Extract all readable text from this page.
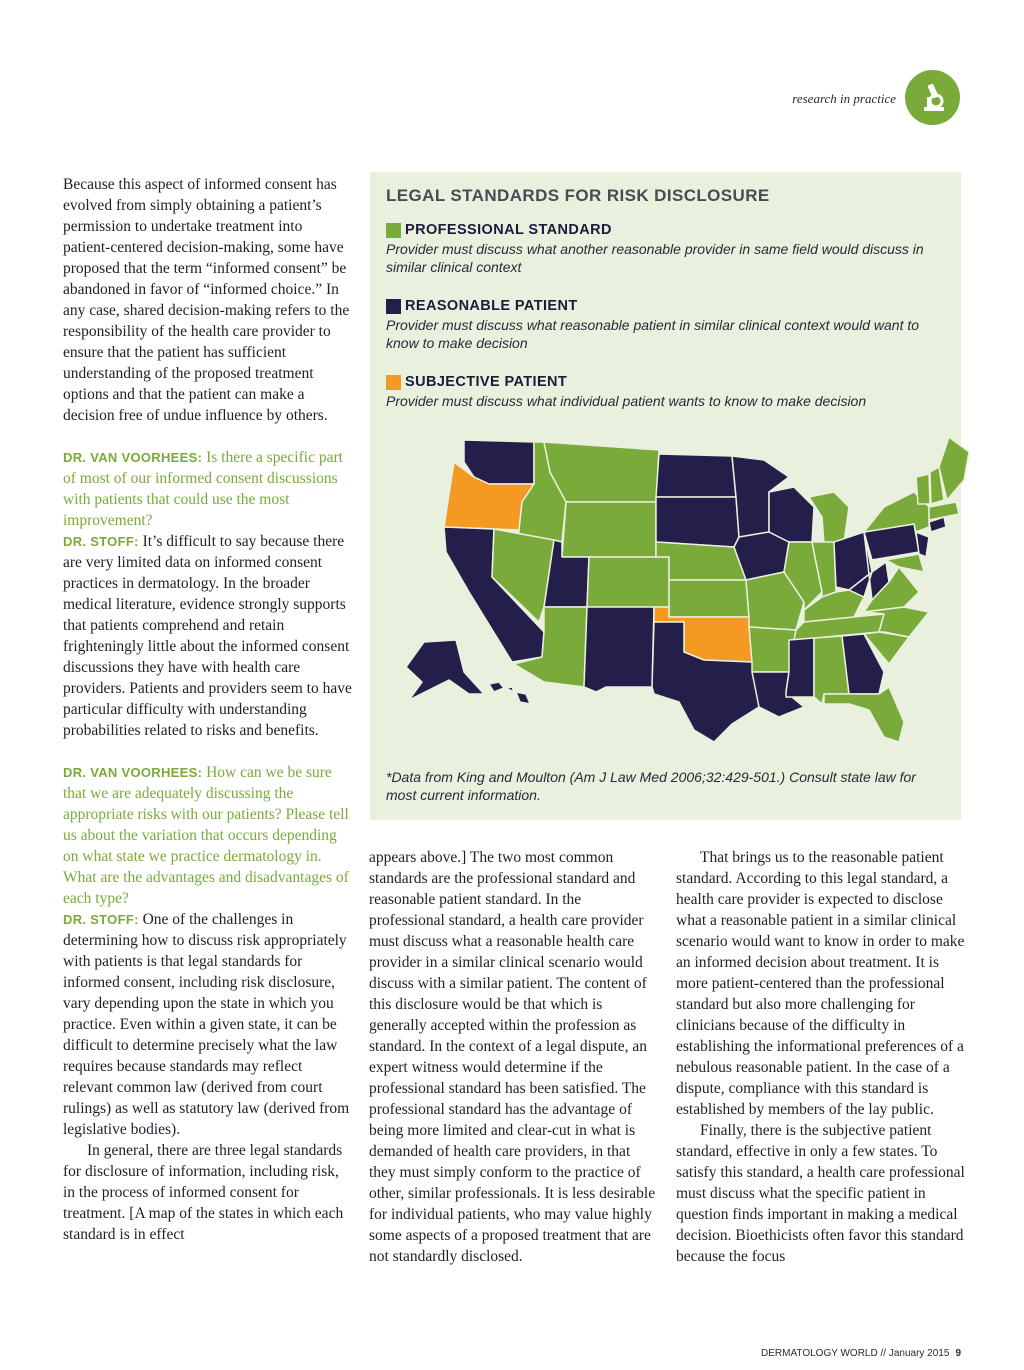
research in practice

Because this aspect of informed consent has evolved from simply obtaining a patient’s permission to undertake treatment into patient-centered decision-making, some have proposed that the term “informed consent” be abandoned in favor of “informed choice.” In any case, shared decision-making refers to the responsibility of the health care provider to ensure that the patient has sufficient understanding of the proposed treatment options and that the patient can make a decision free of undue influence by others.

DR. VAN VOORHEES: Is there a specific part of most of our informed consent discussions with patients that could use the most improvement?

DR. STOFF: It’s difficult to say because there are very limited data on informed consent practices in dermatology. In the broader medical literature, evidence strongly supports that patients comprehend and retain frighteningly little about the informed consent discussions they have with health care providers. Patients and providers seem to have particular difficulty with understanding probabilities related to risks and benefits.

DR. VAN VOORHEES: How can we be sure that we are adequately discussing the appropriate risks with our patients? Please tell us about the variation that occurs depending on what state we practice dermatology in. What are the advantages and disadvantages of each type?

DR. STOFF: One of the challenges in determining how to discuss risk appropriately with patients is that legal standards for informed consent, including risk disclosure, vary depending upon the state in which you practice. Even within a given state, it can be difficult to determine precisely what the law requires because standards may reflect relevant common law (derived from court rulings) as well as statutory law (derived from legislative bodies).

In general, there are three legal standards for disclosure of information, including risk, in the process of informed consent for treatment. [A map of the states in which each standard is in effect

LEGAL STANDARDS FOR RISK DISCLOSURE
PROFESSIONAL STANDARD
Provider must discuss what another reasonable provider in same field would discuss in similar clinical context
REASONABLE PATIENT
Provider must discuss what reasonable patient in similar clinical context would want to know to make decision
SUBJECTIVE PATIENT
Provider must discuss what individual patient wants to know to make decision
*Data from King and Moulton (Am J Law Med 2006;32:429-501.) Consult state law for most current information.

appears above.] The two most common standards are the professional standard and reasonable patient standard. In the professional standard, a health care provider must discuss what a reasonable health care provider in a similar clinical scenario would discuss with a similar patient. The content of this disclosure would be that which is generally accepted within the profession as standard. In the context of a legal dispute, an expert witness would determine if the professional standard has been satisfied. The professional standard has the advantage of being more limited and clear-cut in what is demanded of health care providers, in that they must simply conform to the practice of other, similar professionals. It is less desirable for individual patients, who may value highly some aspects of a proposed treatment that are not standardly disclosed.

That brings us to the reasonable patient standard. According to this legal standard, a health care provider is expected to disclose what a reasonable patient in a similar clinical scenario would want to know in order to make an informed decision about treatment. It is more patient-centered than the professional standard but also more challenging for clinicians because of the difficulty in establishing the informational preferences of a nebulous reasonable patient. In the case of a dispute, compliance with this standard is established by members of the lay public.

Finally, there is the subjective patient standard, effective in only a few states. To satisfy this standard, a health care professional must discuss what the specific patient in question finds important in making a medical decision. Bioethicists often favor this standard because the focus

DERMATOLOGY WORLD // January 2015 9
